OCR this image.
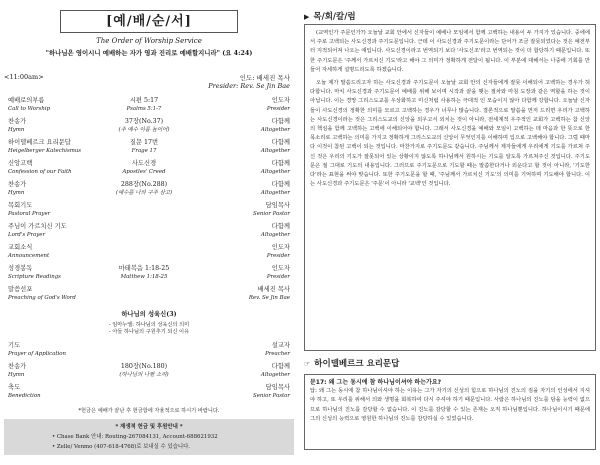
[예/배/순/서]
The Order of Worship Service
"하나님은 영이시니 예배하는 자가 영과 진리로 예배할지니라" (요 4:24)
<11:00am>	인도: 배세진 목사
Presider: Rev. Se Jin Bae
예배로의부름
Call to Worship
시편 5:17
Psalms 5:1-7
인도자
Presider
찬송가
Hymn
37장(No.37)
(주 예수 이름 높이어)
다함께
Altogether
하이델베르크 요리문답
Heigelberger Katechismus
질문 17번
Frage 17
다함께
Altogether
신앙고백
Confession of our Faith
사도신경
Apostles' Creed
다함께
Altogether
찬송가
Hymn
288장(No.288)
(예수를 나의 구주 삼고)
다함께
Altogether
목회기도
Pastoral Prayer
담임목사
Senior Pastor
주님이 가르치신 기도
Lord's Prayer
다함께
Altogether
교회소식
Announcement
인도자
Presider
성경봉독
Scripture Readings
마태복음 1:18-25
Matthew 1:18-25
인도자
Presider
말씀선포
Preaching of God's Word
배세진 목사
Rev. Se Jin Bae
하나님의 성육신(3)
- 임마누엘: 하나님의 성육신의 의미
- 아들 하나님의 구원추기 되신 이유
기도
Prayer of Application
설교자
Preacher
찬송가
Hymn
180장(No.180)
(하나님의 나팔 소리)
다함께
Altogether
축도
Benediction
담임목사
Senior Pastor
*헌금은 예배가 끝난 후 헌금함에 자율적으로 하시기 바랍니다.
* 재생적 헌금 및 후원안내 *
• Chase Bank 안내: Routing-267084131, Account-688621932
• Zelle/ Venmo (407-618-4768)로 보내실 수 있습니다.
▶ 목/회/칼/럼

(교역인가 주문인가?) 오늘날 교회 안에서 신자들이 예배나 모임에서 함께 고백하는 내용이 두 가지가 있습니다. 중에에서 주로 고백되는 사도신경과 주기도문입니다. 근데 이 사도신경과 주기도문이라는 단어가 조금 잘못되었다는 것은 예전부터 지적되어져 나오는 얘입니다. 사도신경이라고 번역되기 보다 '사도신조'라고 번역되는 것이 더 합당하기 때문입니다. 또한 주기도문은 '주께서 가르치신 기도'라고 해야 그 의미가 정확하게 전달이 됩니다. 이 부분에 대해서는 나중에 기회를 만들어 자세하게 설명드리도록 하겠습니다.

오늘 제가 말씀드리고자 하는 사도신경과 주기도문이 오늘날 교회 안의 신자들에게 잘못 이해되어 고백하는 경우가 허다합니다. 마치 사도신경과 주기도문이 예배를 위해 보이며 시작과 끝을 맺는 절차와 마침 도장과 같은 역할을 하는 것이 아닙니다. 이는 경망 그리스도교를 우상화하고 미신처럼 사용하는 극대적 인 모습이지 않아 다함께 강합니다. 오늘날 신자들이 사도신경의 정확한 의미를 모르고 고백하는 경우가 너무나 많습니다. 결론적으로 말씀을 먼저 드리면 우리가 고백하는 사도신경이라는 것은 그리스도교의 신앙을 외우고서 외치는 것이 아니라, 전세계적 우주적인 교회가 고백하는 참 신앙의 핵심을 함께 고백하는 고백에 이해되어야 합니다. 그래서 사도신경을 예배와 모임이 고백하는 데 마음과 한 뜻으로 한 목소리로 고백하는 의미를 가지고 정확하게 그리스도교의 신앙이 무엇인지를 이해하며 입으로 고백해야 합니다. 그럴 때마다 이것이 참된 고백이 되는 것입니다. 마찬가지로 주기도문도 같습니다. 주님께서 제자들에게 우리에게 기도를 가르쳐 주신 것은 우리의 기도가 잘못되어 있는 상황이지 않도록 하나님께서 원하시는 기도를 알도록 가르쳐주신 것입니다. 주기도문은 절 그대로 기도의 내용입니다. 그러므로 주기도문으로 기도할 때는 말씀한다거나 외운다고 할 것이 아니라, '기도한다'라는 표현을 써야 맞습니다. 또한 주기도문을 할 때, '주님께서 가르치신 기도'의 의미를 기억하며 기도해야 합니다. 이는 사도신경과 주기도문은 '주문'이 아니라 '교백'인 것입니다.

☞ 하이델베르크 요리문답
문17: 왜 그는 동시에 참 하나님이셔야 하는가요?
답: 왜 그는 동시에 참 하나님이셔야 하는 이유는 그가 자기의 신성의 힘으로 하나님의 진노의 짐을 자기의 인성에서 지셔야 하고, 또 우리를 위해서 의와 생명을 회복하여 다시 주셔야 하기 때문입니다. 사람은 하나님의 진노를 담을 능력이 없으므로 하나님의 진노를 감당할 수 없습니다. 이 진노를 감당할 수 있는 존재는 오직 하나님뿐입니다. 하나님이시기 때문에 그의 신성의 능력으로 영원한 하나님의 진노를 감당하실 수 있었습니다.
